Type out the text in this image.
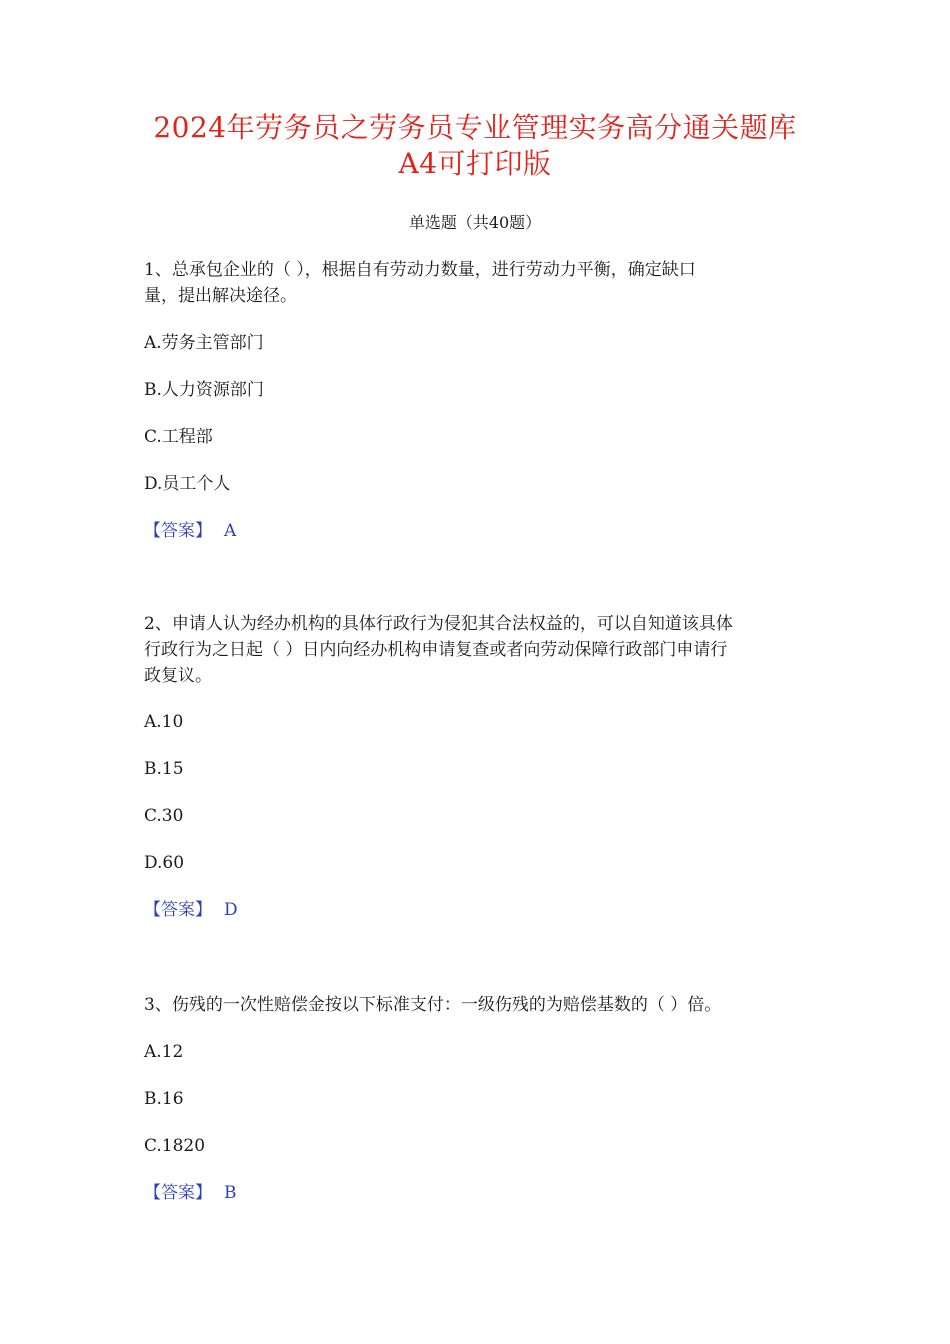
2024年劳务员之劳务员专业管理实务高分通关题库
A4可打印版
单选题（共40题）
1、总承包企业的（ ），根据自有劳动力数量，进行劳动力平衡，确定缺口
量，提出解决途径。
A.劳务主管部门
B.人力资源部门
C.工程部
D.员工个人
【答案】 A
2、申请人认为经办机构的具体行政行为侵犯其合法权益的，可以自知道该具体
行政行为之日起（ ）日内向经办机构申请复查或者向劳动保障行政部门申请行
政复议。
A.10
B.15
C.30
D.60
【答案】 D
3、伤残的一次性赔偿金按以下标准支付：一级伤残的为赔偿基数的（ ）倍。
A.12
B.16
C.1820
【答案】 B
